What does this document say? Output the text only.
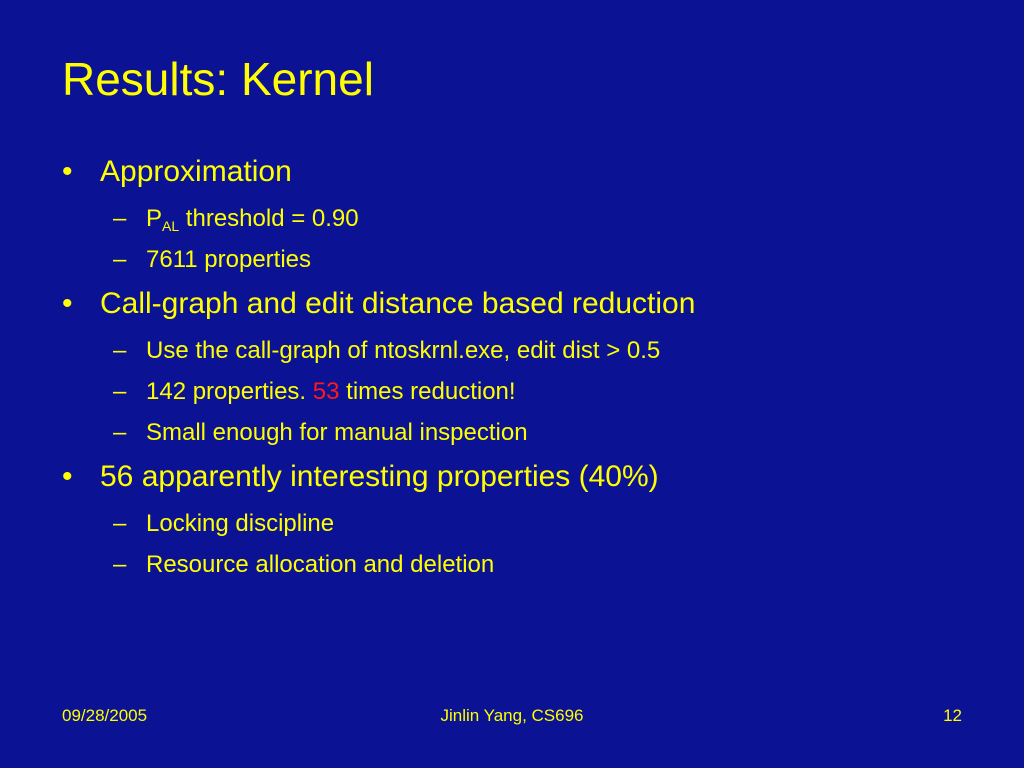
Results: Kernel
• Approximation
– $P_{AL}$ threshold = 0.90
– 7611 properties
• Call-graph and edit distance based reduction
– Use the call-graph of ntoskrnl.exe, edit dist > 0.5
– 142 properties. 53 times reduction!
– Small enough for manual inspection
• 56 apparently interesting properties (40%)
– Locking discipline
– Resource allocation and deletion
09/28/2005	Jinlin Yang, CS696	12
